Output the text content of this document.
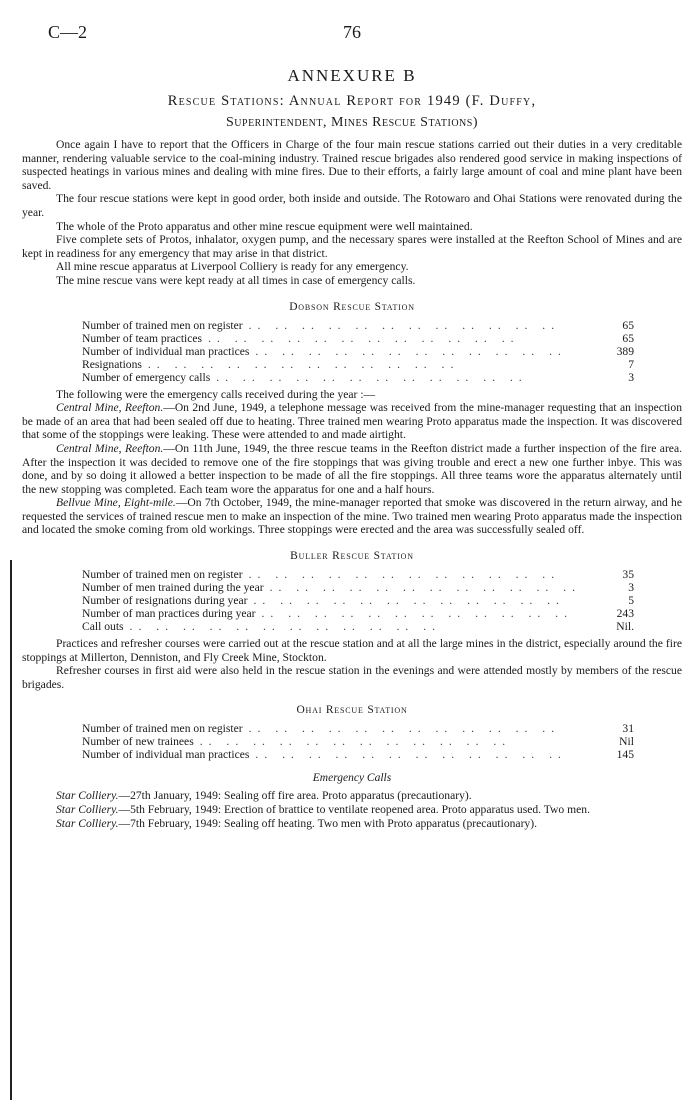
C—2	76
ANNEXURE B
Rescue Stations: Annual Report for 1949 (F. Duffy,
Superintendent, Mines Rescue Stations)

Once again I have to report that the Officers in Charge of the four main rescue stations carried out their duties in a very creditable manner, rendering valuable service to the coal-mining industry. Trained rescue brigades also rendered good service in making inspections of suspected heatings in various mines and dealing with mine fires. Due to their efforts, a fairly large amount of coal and mine plant have been saved.

The four rescue stations were kept in good order, both inside and outside. The Rotowaro and Ohai Stations were renovated during the year.

The whole of the Proto apparatus and other mine rescue equipment were well maintained.

Five complete sets of Protos, inhalator, oxygen pump, and the necessary spares were installed at the Reefton School of Mines and are kept in readiness for any emergency that may arise in that district.

All mine rescue apparatus at Liverpool Colliery is ready for any emergency.

The mine rescue vans were kept ready at all times in case of emergency calls.

Dobson Rescue Station
Number of trained men on register .. .. .. .. .. .. .. .. .. .. .. ..	65
Number of team practices .. .. .. .. .. .. .. .. .. .. .. ..	65
Number of individual man practices .. .. .. .. .. .. .. .. .. .. .. ..	389
Resignations .. .. .. .. .. .. .. .. .. .. .. ..	7
Number of emergency calls .. .. .. .. .. .. .. .. .. .. .. ..	3

The following were the emergency calls received during the year :—

Central Mine, Reefton.—On 2nd June, 1949, a telephone message was received from the mine-manager requesting that an inspection be made of an area that had been sealed off due to heating. Three trained men wearing Proto apparatus made the inspection. It was discovered that some of the stoppings were leaking. These were attended to and made airtight.

Central Mine, Reefton.—On 11th June, 1949, the three rescue teams in the Reefton district made a further inspection of the fire area. After the inspection it was decided to remove one of the fire stoppings that was giving trouble and erect a new one further inbye. This was done, and by so doing it allowed a better inspection to be made of all the fire stoppings. All three teams wore the apparatus alternately until the new stopping was completed. Each team wore the apparatus for one and a half hours.

Bellvue Mine, Eight-mile.—On 7th October, 1949, the mine-manager reported that smoke was discovered in the return airway, and he requested the services of trained rescue men to make an inspection of the mine. Two trained men wearing Proto apparatus made the inspection and located the smoke coming from old workings. Three stoppings were erected and the area was successfully sealed off.

Buller Rescue Station
Number of trained men on register .. .. .. .. .. .. .. .. .. .. .. ..	35
Number of men trained during the year .. .. .. .. .. .. .. .. .. .. .. ..	3
Number of resignations during year .. .. .. .. .. .. .. .. .. .. .. ..	5
Number of man practices during year .. .. .. .. .. .. .. .. .. .. .. ..	243
Call outs .. .. .. .. .. .. .. .. .. .. .. ..	Nil.

Practices and refresher courses were carried out at the rescue station and at all the large mines in the district, especially around the fire stoppings at Millerton, Denniston, and Fly Creek Mine, Stockton.

Refresher courses in first aid were also held in the rescue station in the evenings and were attended mostly by members of the rescue brigades.

Ohai Rescue Station
Number of trained men on register .. .. .. .. .. .. .. .. .. .. .. ..	31
Number of new trainees .. .. .. .. .. .. .. .. .. .. .. ..	Nil
Number of individual man practices .. .. .. .. .. .. .. .. .. .. .. ..	145
Emergency Calls

Star Colliery.—27th January, 1949: Sealing off fire area. Proto apparatus (precautionary).

Star Colliery.—5th February, 1949: Erection of brattice to ventilate reopened area. Proto apparatus used. Two men.

Star Colliery.—7th February, 1949: Sealing off heating. Two men with Proto apparatus (precautionary).
